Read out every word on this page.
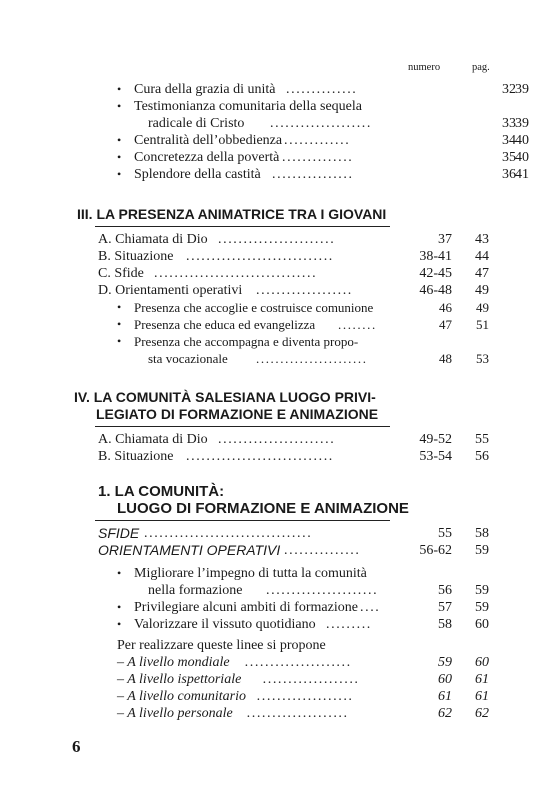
numero	pag.
• Cura della grazia di unità ..............	32 39
• Testimonianza comunitaria della sequela
radicale di Cristo ....................	33 39
• Centralità dell’obbedienza .............	34 40
• Concretezza della povertà ..............	35 40
• Splendore della castità ................	36 41
III. LA PRESENZA ANIMATRICE TRA I GIOVANI
A. Chiamata di Dio .......................	37	43
B. Situazione .............................	38-41	44
C. Sfide ................................	42-45	47
D. Orientamenti operativi ...................	46-48	49
• Presenza che accoglie e costruisce comunione	46	49
• Presenza che educa ed evangelizza ........	47	51
• Presenza che accompagna e diventa propo-
sta vocazionale .......................	48	53
IV. LA COMUNITÀ SALESIANA LUOGO PRIVI-
LEGIATO DI FORMAZIONE E ANIMAZIONE
A. Chiamata di Dio .......................	49-52	55
B. Situazione .............................	53-54	56
1. LA COMUNITÀ:
LUOGO DI FORMAZIONE E ANIMAZIONE
SFIDE .................................	55	58
ORIENTAMENTI OPERATIVI ...............	56-62	59
• Migliorare l’impegno di tutta la comunità
nella formazione ......................	56	59
• Privilegiare alcuni ambiti di formazione ....	57	59
• Valorizzare il vissuto quotidiano .........	58	60
Per realizzare queste linee si propone
– A livello mondiale .....................	59	60
– A livello ispettoriale ...................	60	61
– A livello comunitario ...................	61	61
– A livello personale ....................	62	62
6
